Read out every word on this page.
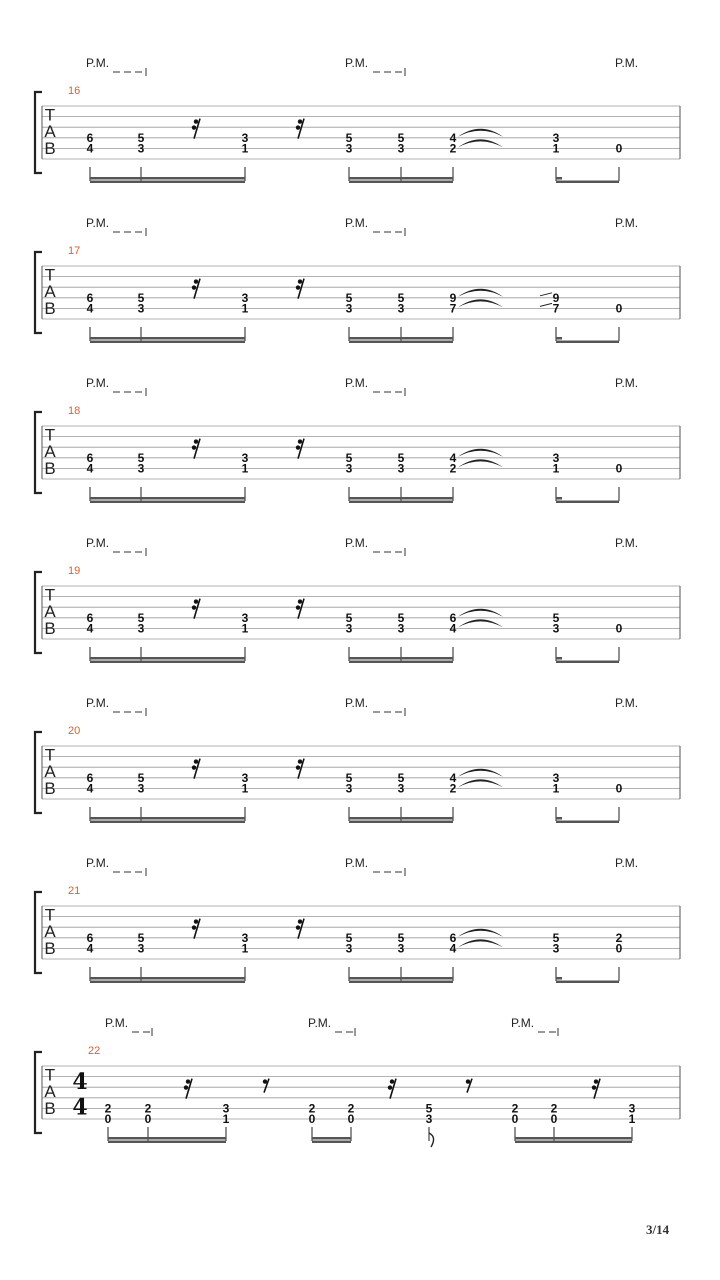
T
A
B
16
P.M.	P.M.	P.M.
6
4
5
3
3
1
5
3
5
3
4
2
3
1	0
T
A
B
17
P.M.	P.M.	P.M.
6
4
5
3
3
1
5
3
5
3
9
7
9
7	0
T
A
B
18
P.M.	P.M.	P.M.
6
4
5
3
3
1
5
3
5
3
4
2
3
1	0
T
A
B
19
P.M.	P.M.	P.M.
6
4
5
3
3
1
5
3
5
3
6
4
5
3	0
T
A
B
20
P.M.	P.M.	P.M.
6
4
5
3
3
1
5
3
5
3
4
2
3
1	0
T
A
B
21
P.M.	P.M.	P.M.
6
4
5
3
3
1
5
3
5
3
6
4
5
3
2
0
T
A
B
22
4
4
P.M.	P.M.	P.M.
2
0
2
0
3
1
2
0
2
0
5
3
2
0
2
0
3
1
3/14
